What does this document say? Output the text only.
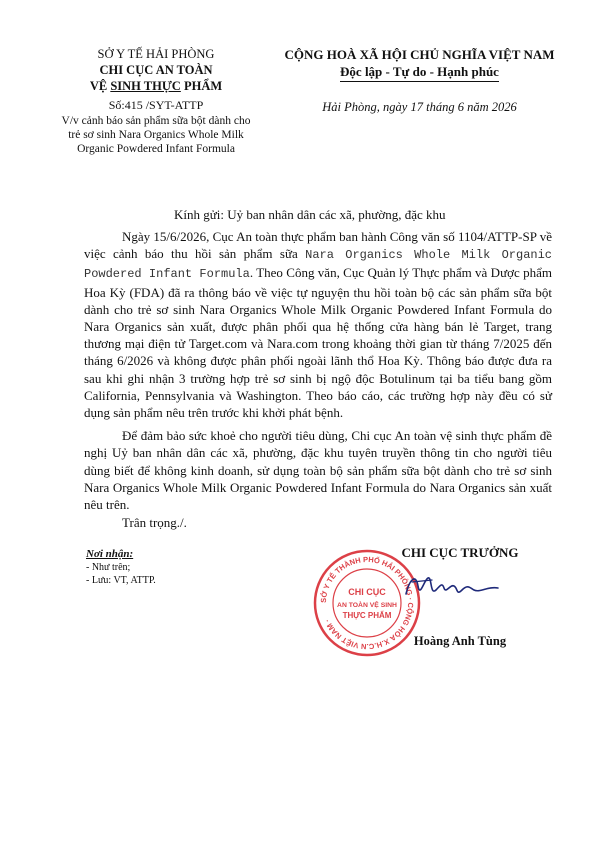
SỞ Y TẾ HẢI PHÒNG
CHI CỤC AN TOÀN
VỆ SINH THỰC PHẨM
Số:415 /SYT-ATTP
V/v cảnh báo sản phẩm sữa bột dành cho trẻ sơ sinh Nara Organics Whole Milk Organic Powdered Infant Formula
CỘNG HOÀ XÃ HỘI CHỦ NGHĨA VIỆT NAM
Độc lập - Tự do - Hạnh phúc
Hải Phòng, ngày 17 tháng 6 năm 2026
Kính gửi: Uỷ ban nhân dân các xã, phường, đặc khu

Ngày 15/6/2026, Cục An toàn thực phẩm ban hành Công văn số 1104/ATTP-SP về việc cảnh báo thu hồi sản phẩm sữa Nara Organics Whole Milk Organic Powdered Infant Formula. Theo Công văn, Cục Quản lý Thực phẩm và Dược phẩm Hoa Kỳ (FDA) đã ra thông báo về việc tự nguyện thu hồi toàn bộ các sản phẩm sữa bột dành cho trẻ sơ sinh Nara Organics Whole Milk Organic Powdered Infant Formula do Nara Organics sản xuất, được phân phối qua hệ thống cửa hàng bán lẻ Target, trang thương mại điện tử Target.com và Nara.com trong khoảng thời gian từ tháng 7/2025 đến tháng 6/2026 và không được phân phối ngoài lãnh thổ Hoa Kỳ. Thông báo được đưa ra sau khi ghi nhận 3 trường hợp trẻ sơ sinh bị ngộ độc Botulinum tại ba tiểu bang gồm California, Pennsylvania và Washington. Theo báo cáo, các trường hợp này đều có sử dụng sản phẩm nêu trên trước khi khởi phát bệnh.

Để đảm bảo sức khoẻ cho người tiêu dùng, Chi cục An toàn vệ sinh thực phẩm đề nghị Uỷ ban nhân dân các xã, phường, đặc khu tuyên truyền thông tin cho người tiêu dùng biết để không kinh doanh, sử dụng toàn bộ sản phẩm sữa bột dành cho trẻ sơ sinh Nara Organics Whole Milk Organic Powdered Infant Formula do Nara Organics sản xuất nêu trên.

Trân trọng./.
Nơi nhận:
- Như trên;
- Lưu: VT, ATTP.
CHI CỤC TRƯỞNG
SỞ Y TẾ THÀNH PHỐ HẢI PHÒNG · CỘNG HÒA X.H.C.N VIỆT NAM ·
CHI CỤC
AN TOÀN VỆ SINH
THỰC PHẨM
Hoàng Anh Tùng
